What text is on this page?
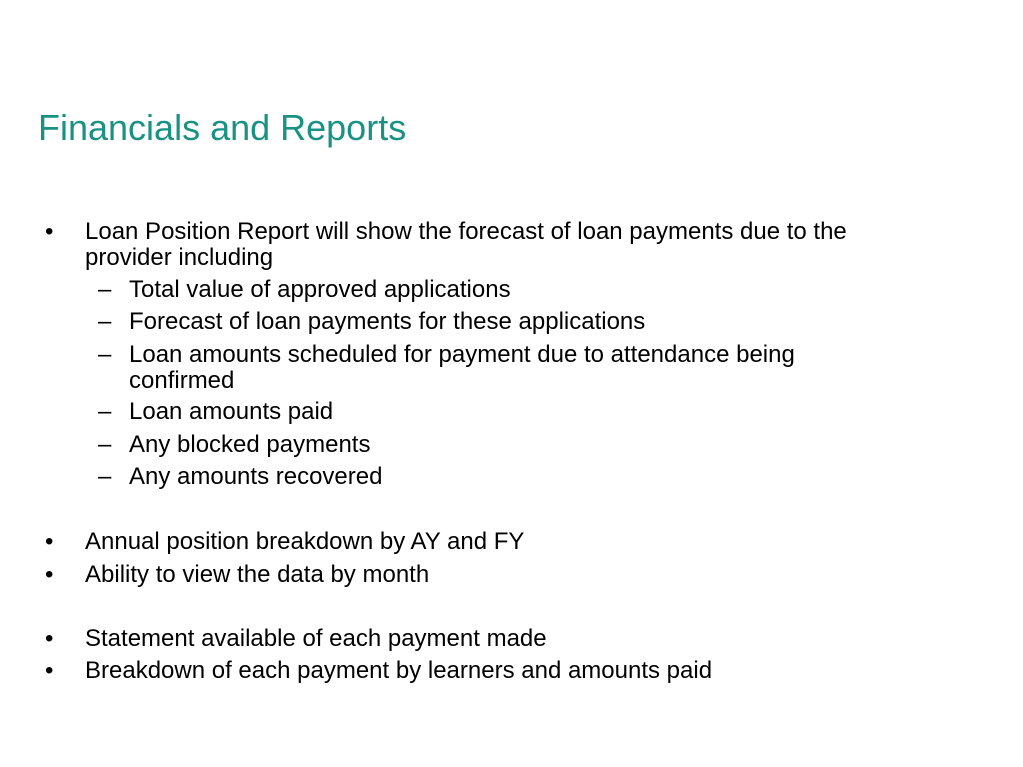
Financials and Reports
•	Loan Position Report will show the forecast of loan payments due to the
provider including
– Total value of approved applications
– Forecast of loan payments for these applications
– Loan amounts scheduled for payment due to attendance being
confirmed
– Loan amounts paid
– Any blocked payments
– Any amounts recovered
•	Annual position breakdown by AY and FY
•	Ability to view the data by month
•	Statement available of each payment made
•	Breakdown of each payment by learners and amounts paid
